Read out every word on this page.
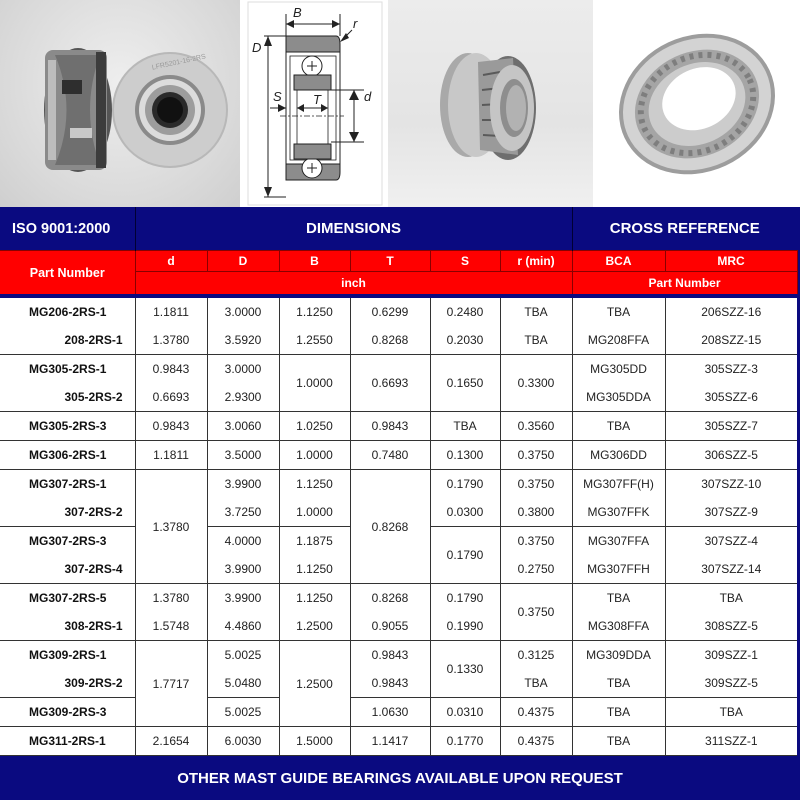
LFR5201-16-2RS
B
r
D
S T	d
ISO 9001:2000	DIMENSIONS						CROSS REFERENCE	
Part Number	d	D	B	T	S	r (min)	BCA	MRC
	inch						Part Number	
MG206-2RS-1	1.1811	3.0000	1.1250	0.6299	0.2480	TBA	TBA	206SZZ-16
208-2RS-1	1.3780	3.5920	1.2550	0.8268	0.2030	TBA	MG208FFA	208SZZ-15
MG305-2RS-1	0.9843	3.0000	1.0000	0.6693	0.1650	0.3300	MG305DD	305SZZ-3
305-2RS-2	0.6693	2.9300					MG305DDA	305SZZ-6
MG305-2RS-3	0.9843	3.0060	1.0250	0.9843	TBA	0.3560	TBA	305SZZ-7
MG306-2RS-1	1.1811	3.5000	1.0000	0.7480	0.1300	0.3750	MG306DD	306SZZ-5
MG307-2RS-1	1.3780	3.9900	1.1250	0.8268	0.1790	0.3750	MG307FF(H)	307SZZ-10
307-2RS-2		3.7250	1.0000		0.0300	0.3800	MG307FFK	307SZZ-9
MG307-2RS-3		4.0000	1.1875		0.1790	0.3750	MG307FFA	307SZZ-4
307-2RS-4		3.9900	1.1250			0.2750	MG307FFH	307SZZ-14
MG307-2RS-5	1.3780	3.9900	1.1250	0.8268	0.1790	0.3750	TBA	TBA
308-2RS-1	1.5748	4.4860	1.2500	0.9055	0.1990		MG308FFA	308SZZ-5
MG309-2RS-1	1.7717	5.0025	1.2500	0.9843	0.1330	0.3125	MG309DDA	309SZZ-1
309-2RS-2		5.0480		0.9843		TBA	TBA	309SZZ-5
MG309-2RS-3		5.0025		1.0630	0.0310	0.4375	TBA	TBA
MG311-2RS-1	2.1654	6.0030	1.5000	1.1417	0.1770	0.4375	TBA	311SZZ-1
OTHER MAST GUIDE BEARINGS AVAILABLE UPON REQUEST
